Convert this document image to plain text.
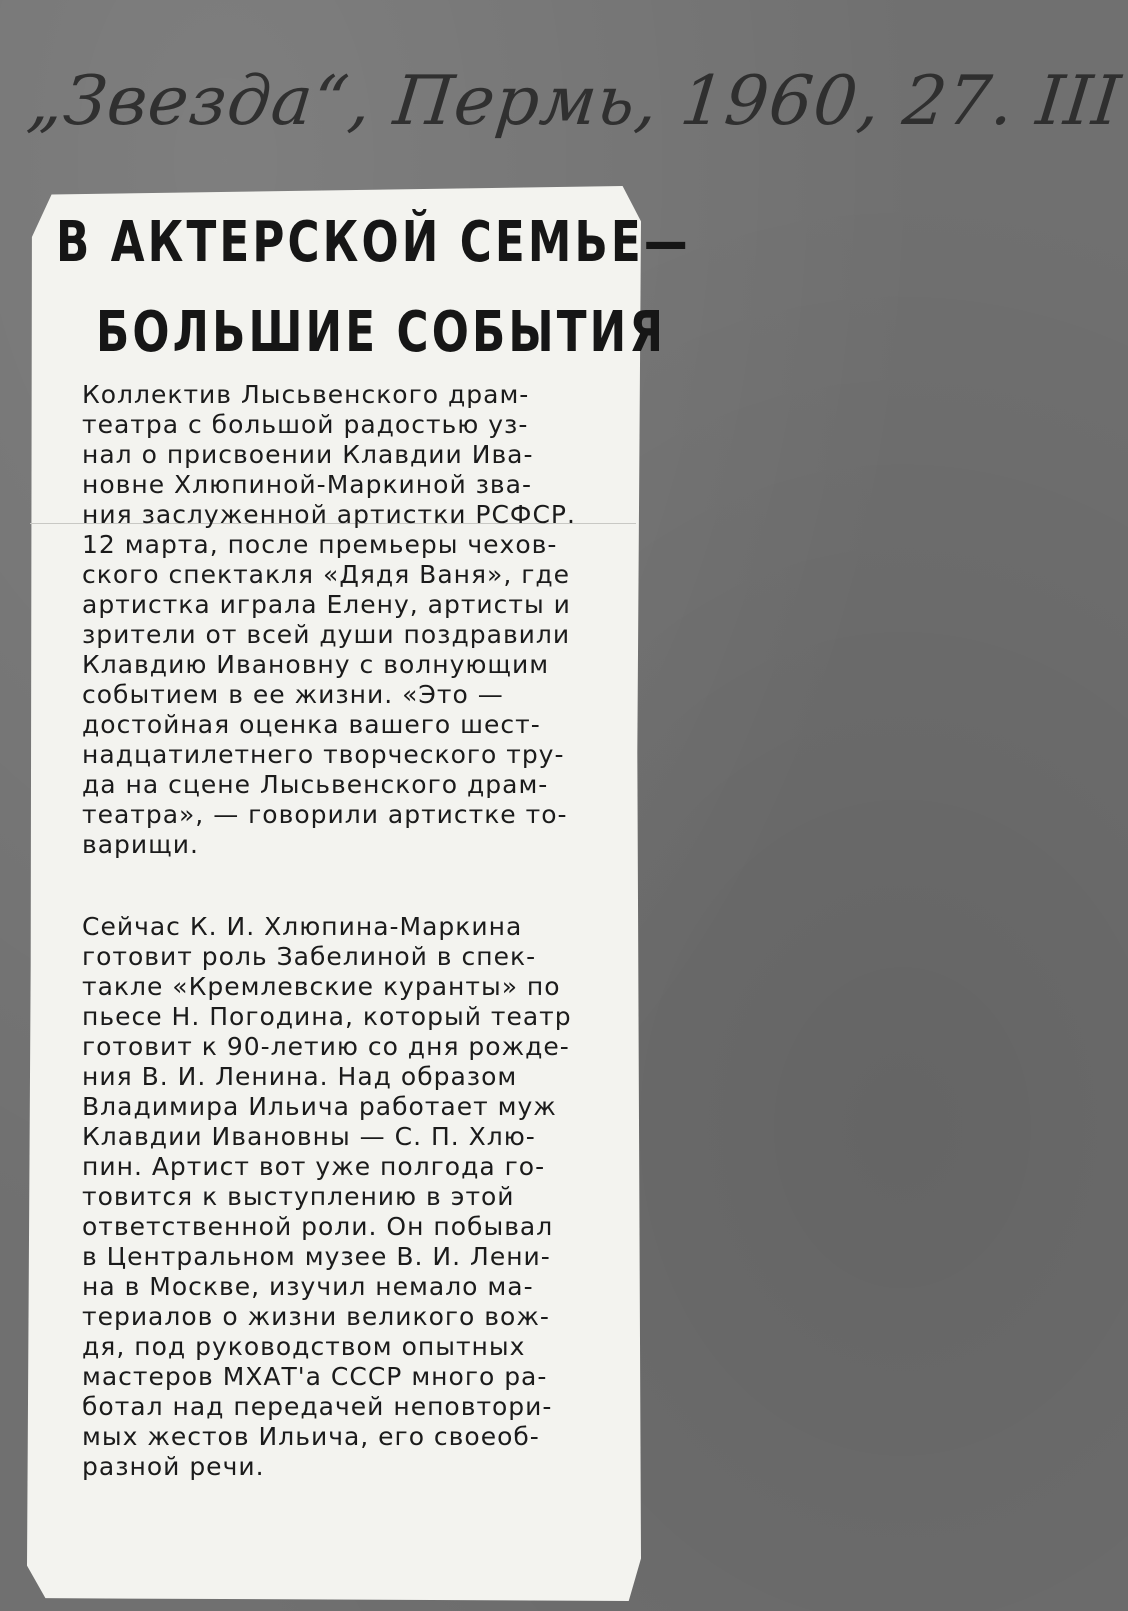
„Звезда“, Пермь, 1960, 27. III
В АКТЕРСКОЙ СЕМЬЕ—
БОЛЬШИЕ СОБЫТИЯ
Коллектив Лысьвенского драм-
театра с большой радостью уз-
нал о присвоении Клавдии Ива-
новне Хлюпиной-Маркиной зва-
ния заслуженной артистки РСФСР.
12 марта, после премьеры чехов-
ского спектакля «Дядя Ваня», где
артистка играла Елену, артисты и
зрители от всей души поздравили
Клавдию Ивановну с волнующим
событием в ее жизни. «Это —
достойная оценка вашего шест-
надцатилетнего творческого тру-
да на сцене Лысьвенского драм-
театра», — говорили артистке то-
варищи.
Сейчас К. И. Хлюпина-Маркина
готовит роль Забелиной в спек-
такле «Кремлевские куранты» по
пьесе Н. Погодина, который театр
готовит к 90-летию со дня рожде-
ния В. И. Ленина. Над образом
Владимира Ильича работает муж
Клавдии Ивановны — С. П. Хлю-
пин. Артист вот уже полгода го-
товится к выступлению в этой
ответственной роли. Он побывал
в Центральном музее В. И. Лени-
на в Москве, изучил немало ма-
териалов о жизни великого вож-
дя, под руководством опытных
мастеров МХАТ'а СССР много ра-
ботал над передачей неповтори-
мых жестов Ильича, его своеоб-
разной речи.
